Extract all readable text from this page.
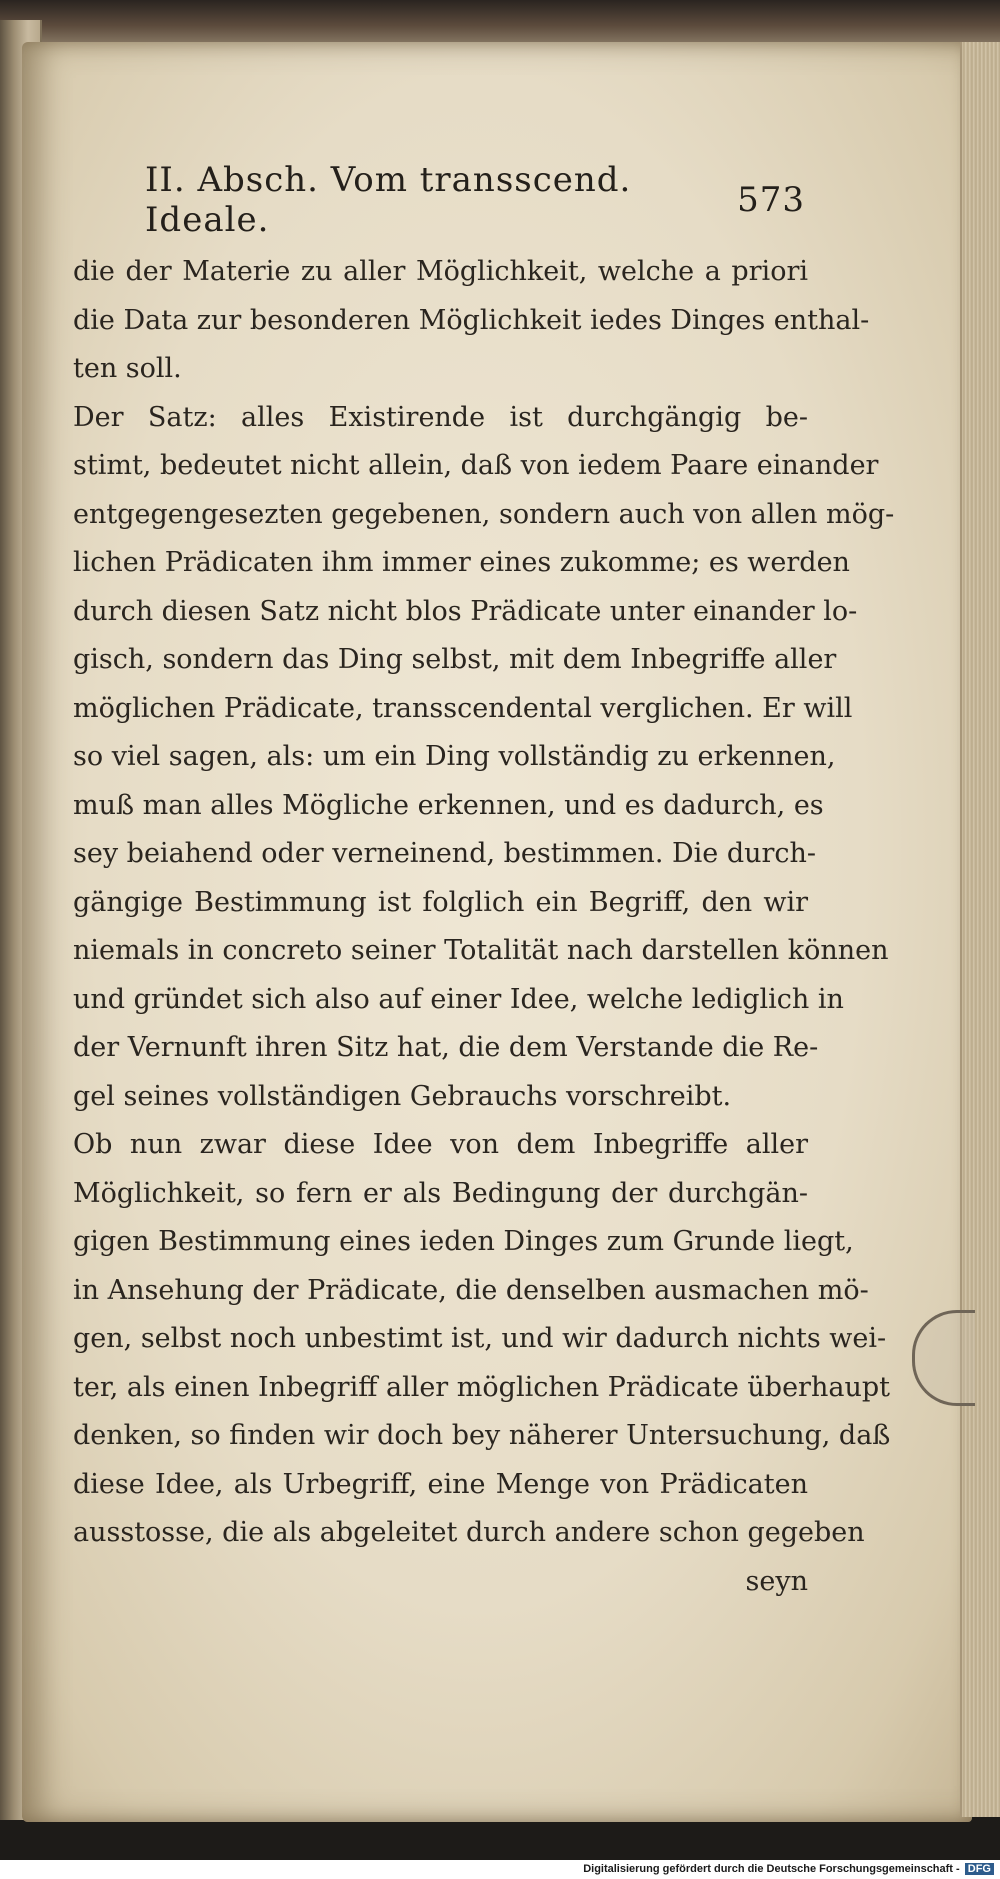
II. Absch. Vom transscend. Ideale.	573
die der Materie zu aller Möglichkeit, welche a priori
die Data zur besonderen Möglichkeit iedes Dinges enthal-
ten soll.
Der Satz: alles Existirende ist durchgängig be-
stimt, bedeutet nicht allein, daß von iedem Paare einander
entgegengesezten gegebenen, sondern auch von allen mög-
lichen Prädicaten ihm immer eines zukomme; es werden
durch diesen Satz nicht blos Prädicate unter einander lo-
gisch, sondern das Ding selbst, mit dem Inbegriffe aller
möglichen Prädicate, transscendental verglichen. Er will
so viel sagen, als: um ein Ding vollständig zu erkennen,
muß man alles Mögliche erkennen, und es dadurch, es
sey beiahend oder verneinend, bestimmen. Die durch-
gängige Bestimmung ist folglich ein Begriff, den wir
niemals in concreto seiner Totalität nach darstellen können
und gründet sich also auf einer Idee, welche lediglich in
der Vernunft ihren Sitz hat, die dem Verstande die Re-
gel seines vollständigen Gebrauchs vorschreibt.
Ob nun zwar diese Idee von dem Inbegriffe aller
Möglichkeit, so fern er als Bedingung der durchgän-
gigen Bestimmung eines ieden Dinges zum Grunde liegt,
in Ansehung der Prädicate, die denselben ausmachen mö-
gen, selbst noch unbestimt ist, und wir dadurch nichts wei-
ter, als einen Inbegriff aller möglichen Prädicate überhaupt
denken, so finden wir doch bey näherer Untersuchung, daß
diese Idee, als Urbegriff, eine Menge von Prädicaten
ausstosse, die als abgeleitet durch andere schon gegeben
seyn
Digitalisierung gefördert durch die Deutsche Forschungsgemeinschaft - DFG
